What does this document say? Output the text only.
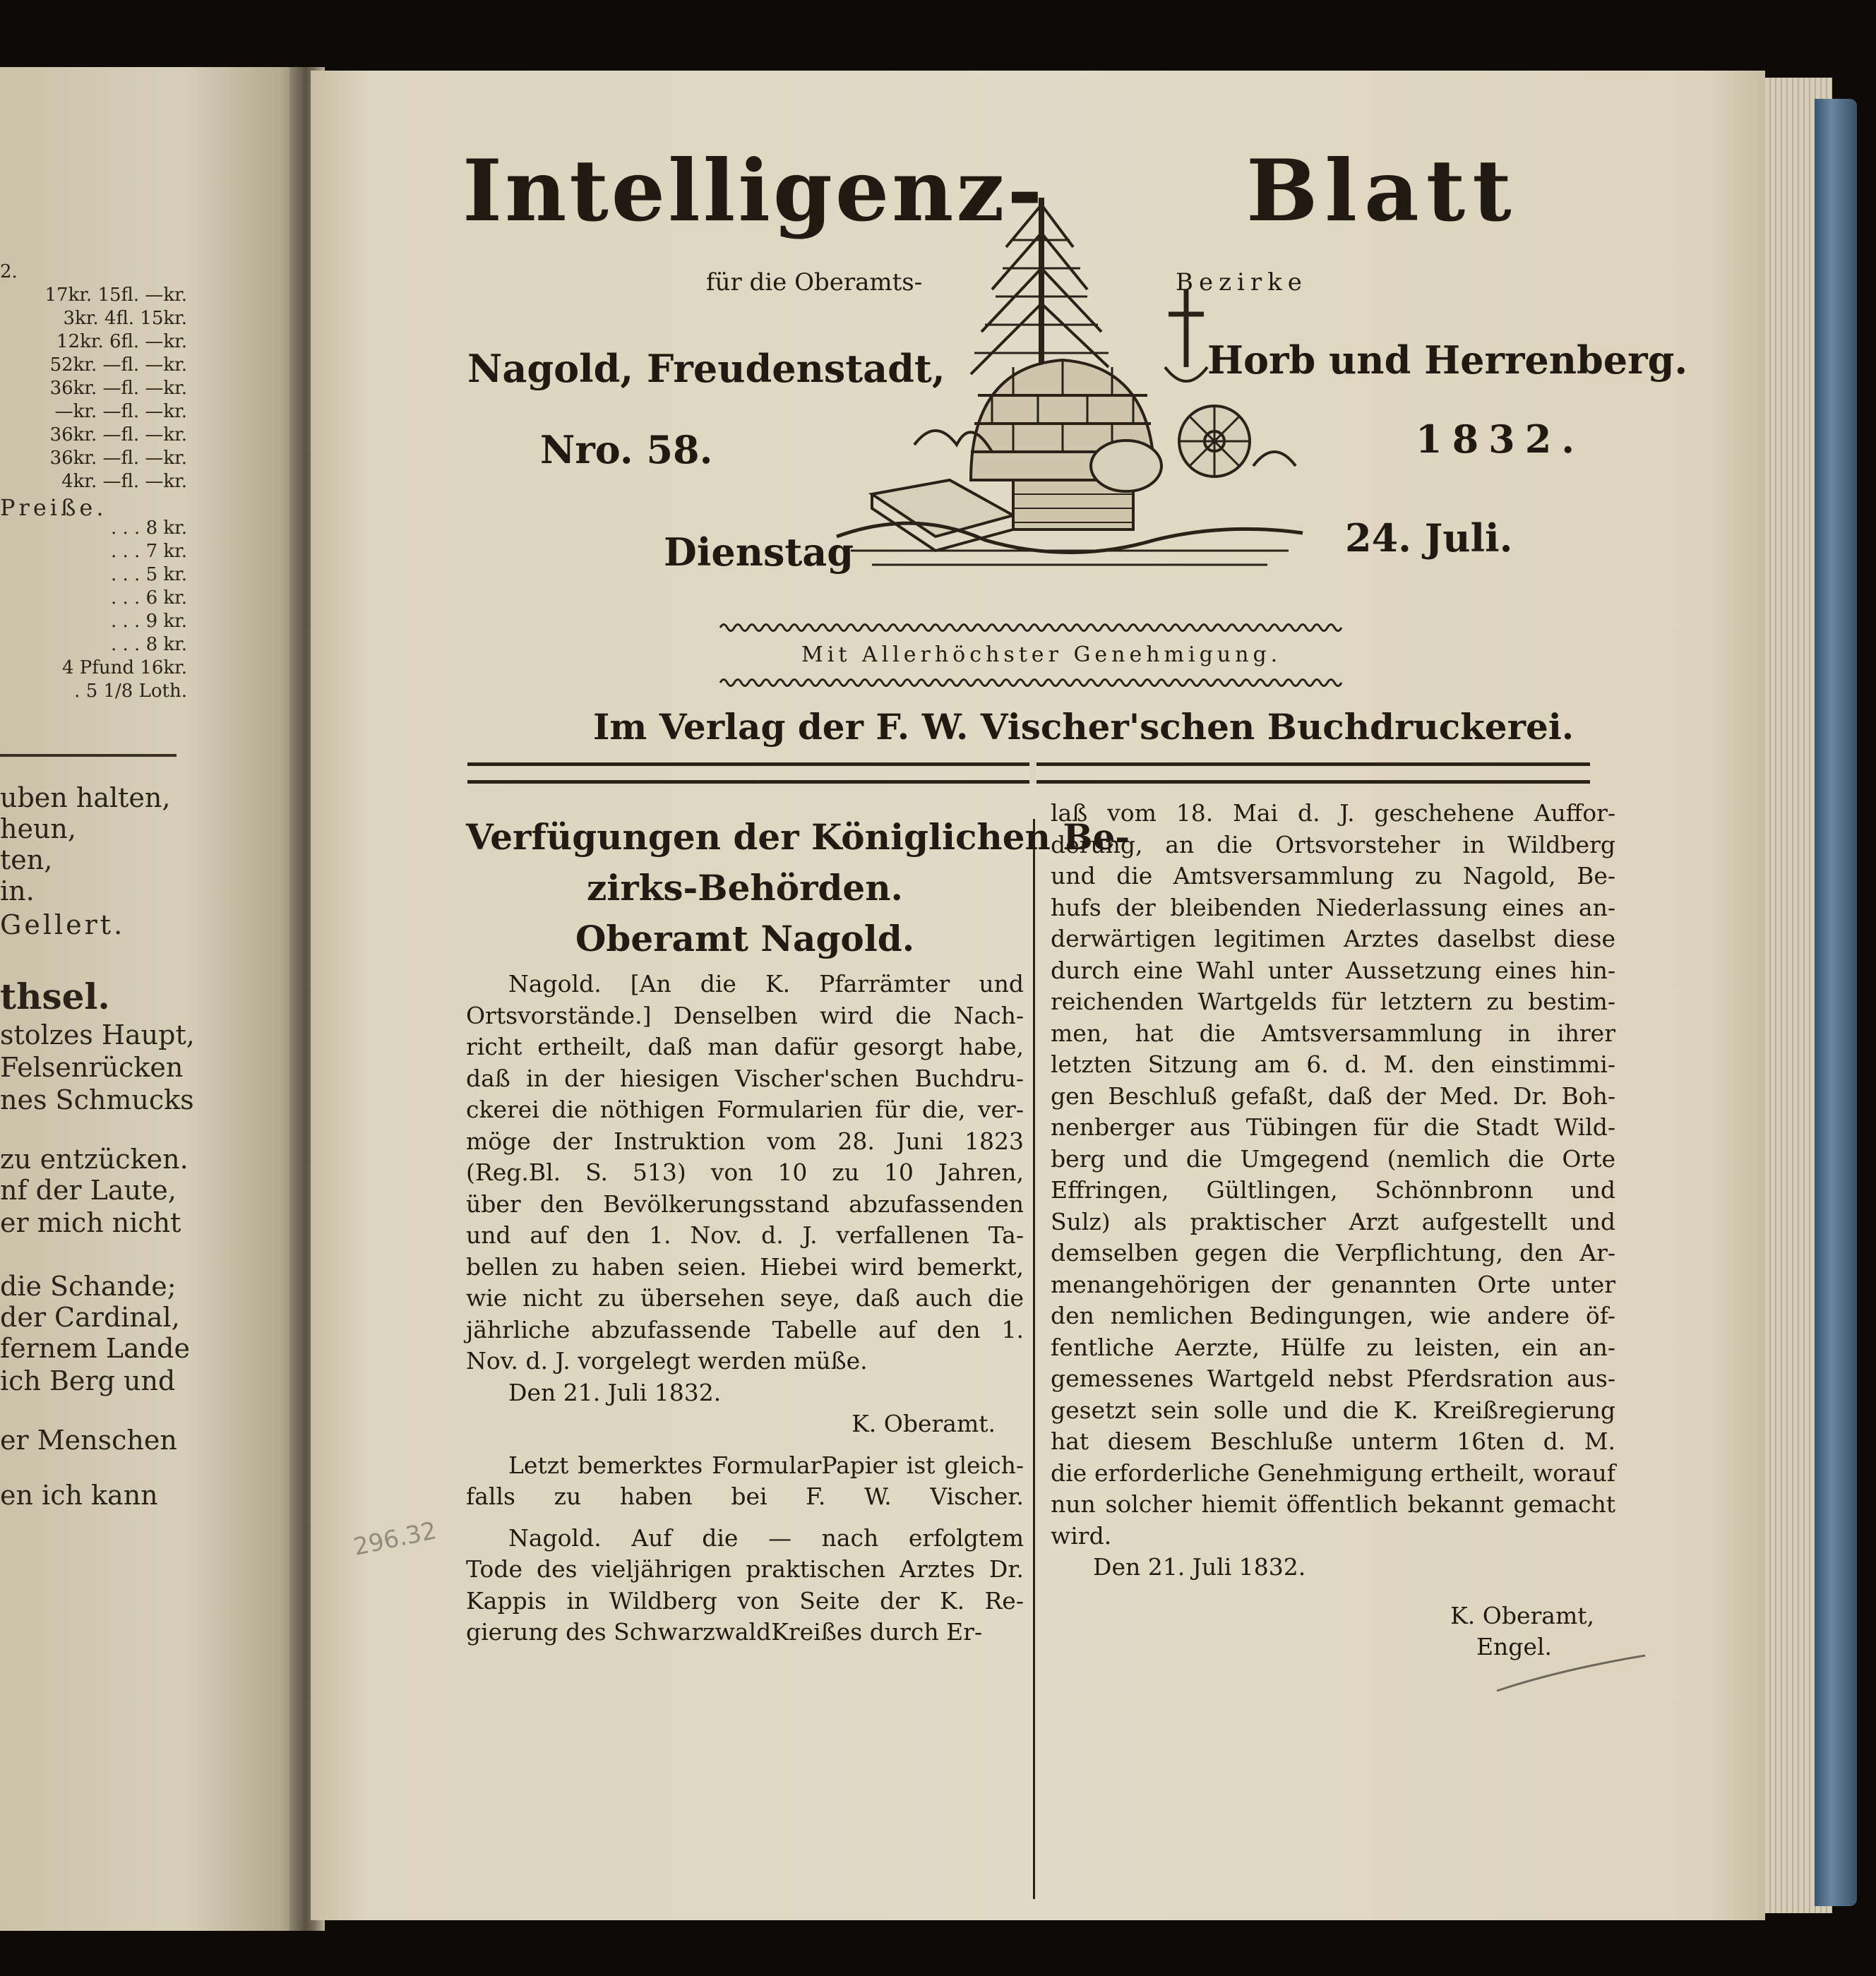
2.
17kr. 15fl. —kr.
3kr. 4fl. 15kr.
12kr. 6fl. —kr.
52kr. —fl. —kr.
36kr. —fl. —kr.
—kr. —fl. —kr.
36kr. —fl. —kr.
36kr. —fl. —kr.
4kr. —fl. —kr.
Preiße.
. . . 8 kr.
. . . 7 kr.
. . . 5 kr.
. . . 6 kr.
. . . 9 kr.
. . . 8 kr.
4 Pfund 16kr.
. 5 1/8 Loth.
uben halten,
heun,
ten,
in.
Gellert.
thsel.
stolzes Haupt,
Felsenrücken
nes Schmucks
zu entzücken.
nf der Laute,
er mich nicht
die Schande;
der Cardinal,
fernem Lande
ich Berg und
er Menschen
en ich kann
Intelligenz- Blatt
für die Oberamts-	Bezirke
Nagold, Freudenstadt,	Horb und Herrenberg.
Nro. 58.	1832.
Dienstag	24. Juli.
Mit Allerhöchster Genehmigung.
Im Verlag der F. W. Vischer'schen Buchdruckerei.
Verfügungen der Königlichen Be-
zirks-Behörden.
Oberamt Nagold.
Nagold. [An die K. Pfarrämter und
Ortsvorstände.] Denselben wird die Nach-
richt ertheilt, daß man dafür gesorgt habe,
daß in der hiesigen Vischer'schen Buchdru-
ckerei die nöthigen Formularien für die, ver-
möge der Instruktion vom 28. Juni 1823
(Reg.Bl. S. 513) von 10 zu 10 Jahren,
über den Bevölkerungsstand abzufassenden
und auf den 1. Nov. d. J. verfallenen Ta-
bellen zu haben seien. Hiebei wird bemerkt,
wie nicht zu übersehen seye, daß auch die
jährliche abzufassende Tabelle auf den 1.
Nov. d. J. vorgelegt werden müße.
Den 21. Juli 1832.
K. Oberamt.
Letzt bemerktes FormularPapier ist gleich-
falls zu haben bei F. W. Vischer.
Nagold. Auf die — nach erfolgtem
Tode des vieljährigen praktischen Arztes Dr.
Kappis in Wildberg von Seite der K. Re-
gierung des SchwarzwaldKreißes durch Er-
laß vom 18. Mai d. J. geschehene Auffor-
derung, an die Ortsvorsteher in Wildberg
und die Amtsversammlung zu Nagold, Be-
hufs der bleibenden Niederlassung eines an-
derwärtigen legitimen Arztes daselbst diese
durch eine Wahl unter Aussetzung eines hin-
reichenden Wartgelds für letztern zu bestim-
men, hat die Amtsversammlung in ihrer
letzten Sitzung am 6. d. M. den einstimmi-
gen Beschluß gefaßt, daß der Med. Dr. Boh-
nenberger aus Tübingen für die Stadt Wild-
berg und die Umgegend (nemlich die Orte
Effringen, Gültlingen, Schönnbronn und
Sulz) als praktischer Arzt aufgestellt und
demselben gegen die Verpflichtung, den Ar-
menangehörigen der genannten Orte unter
den nemlichen Bedingungen, wie andere öf-
fentliche Aerzte, Hülfe zu leisten, ein an-
gemessenes Wartgeld nebst Pferdsration aus-
gesetzt sein solle und die K. Kreißregierung
hat diesem Beschluße unterm 16ten d. M.
die erforderliche Genehmigung ertheilt, worauf
nun solcher hiemit öffentlich bekannt gemacht
wird.
Den 21. Juli 1832.
K. Oberamt,
Engel.
296.32
